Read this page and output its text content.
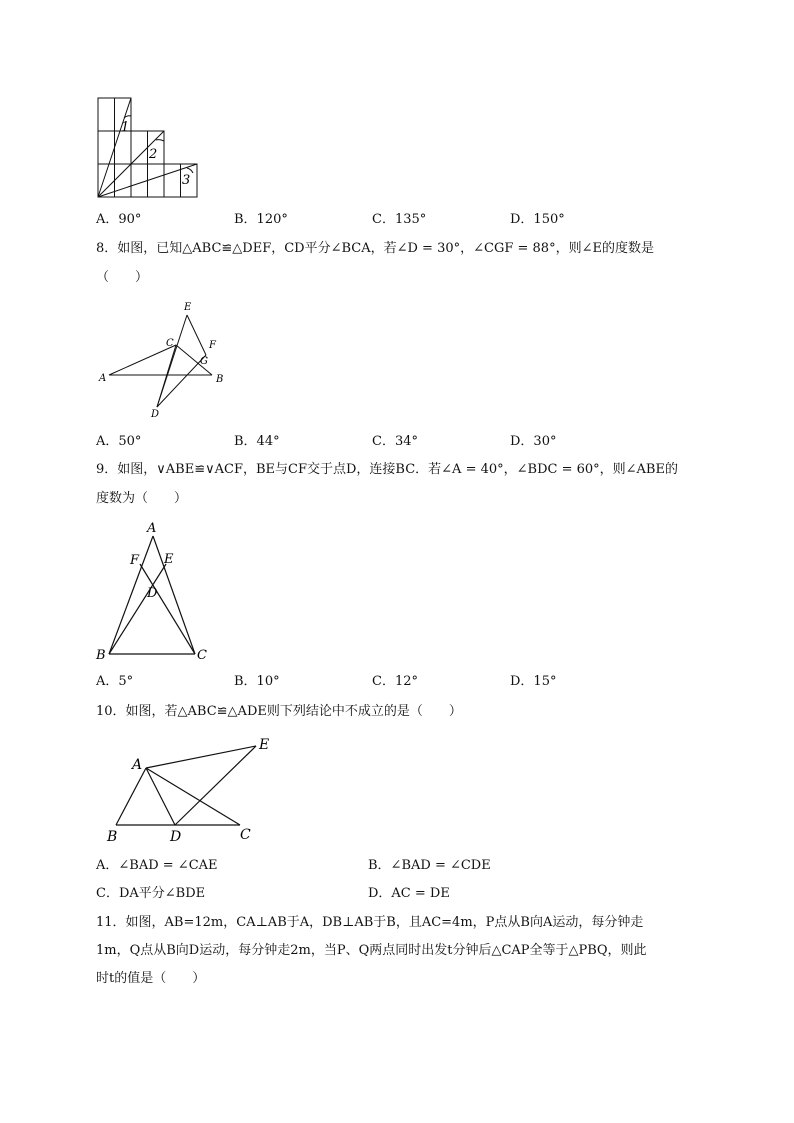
1
2
3
A．90°	B．120°	C．135°	D．150°
8．如图，已知△ABC≌△DEF，CD平分∠BCA，若∠D = 30°，∠CGF = 88°，则∠E的度数是
（　　）
E
C	F
G
A	B
D
A．50°	B．44°	C．34°	D．30°
9．如图，∨ABE≌∨ACF，BE与CF交于点D，连接BC．若∠A = 40°，∠BDC = 60°，则∠ABE的
度数为（　　）
A
F E
D
B	C
A．5°	B．10°	C．12°	D．15°
10．如图，若△ABC≌△ADE则下列结论中不成立的是（　　）
A
E
B	D	C
A．∠BAD = ∠CAE	B．∠BAD = ∠CDE
C．DA平分∠BDE	D．AC = DE
11．如图，AB=12m，CA⊥AB于A，DB⊥AB于B，且AC=4m，P点从B向A运动，每分钟走
1m，Q点从B向D运动，每分钟走2m，当P、Q两点同时出发t分钟后△CAP全等于△PBQ，则此
时t的值是（　　）
